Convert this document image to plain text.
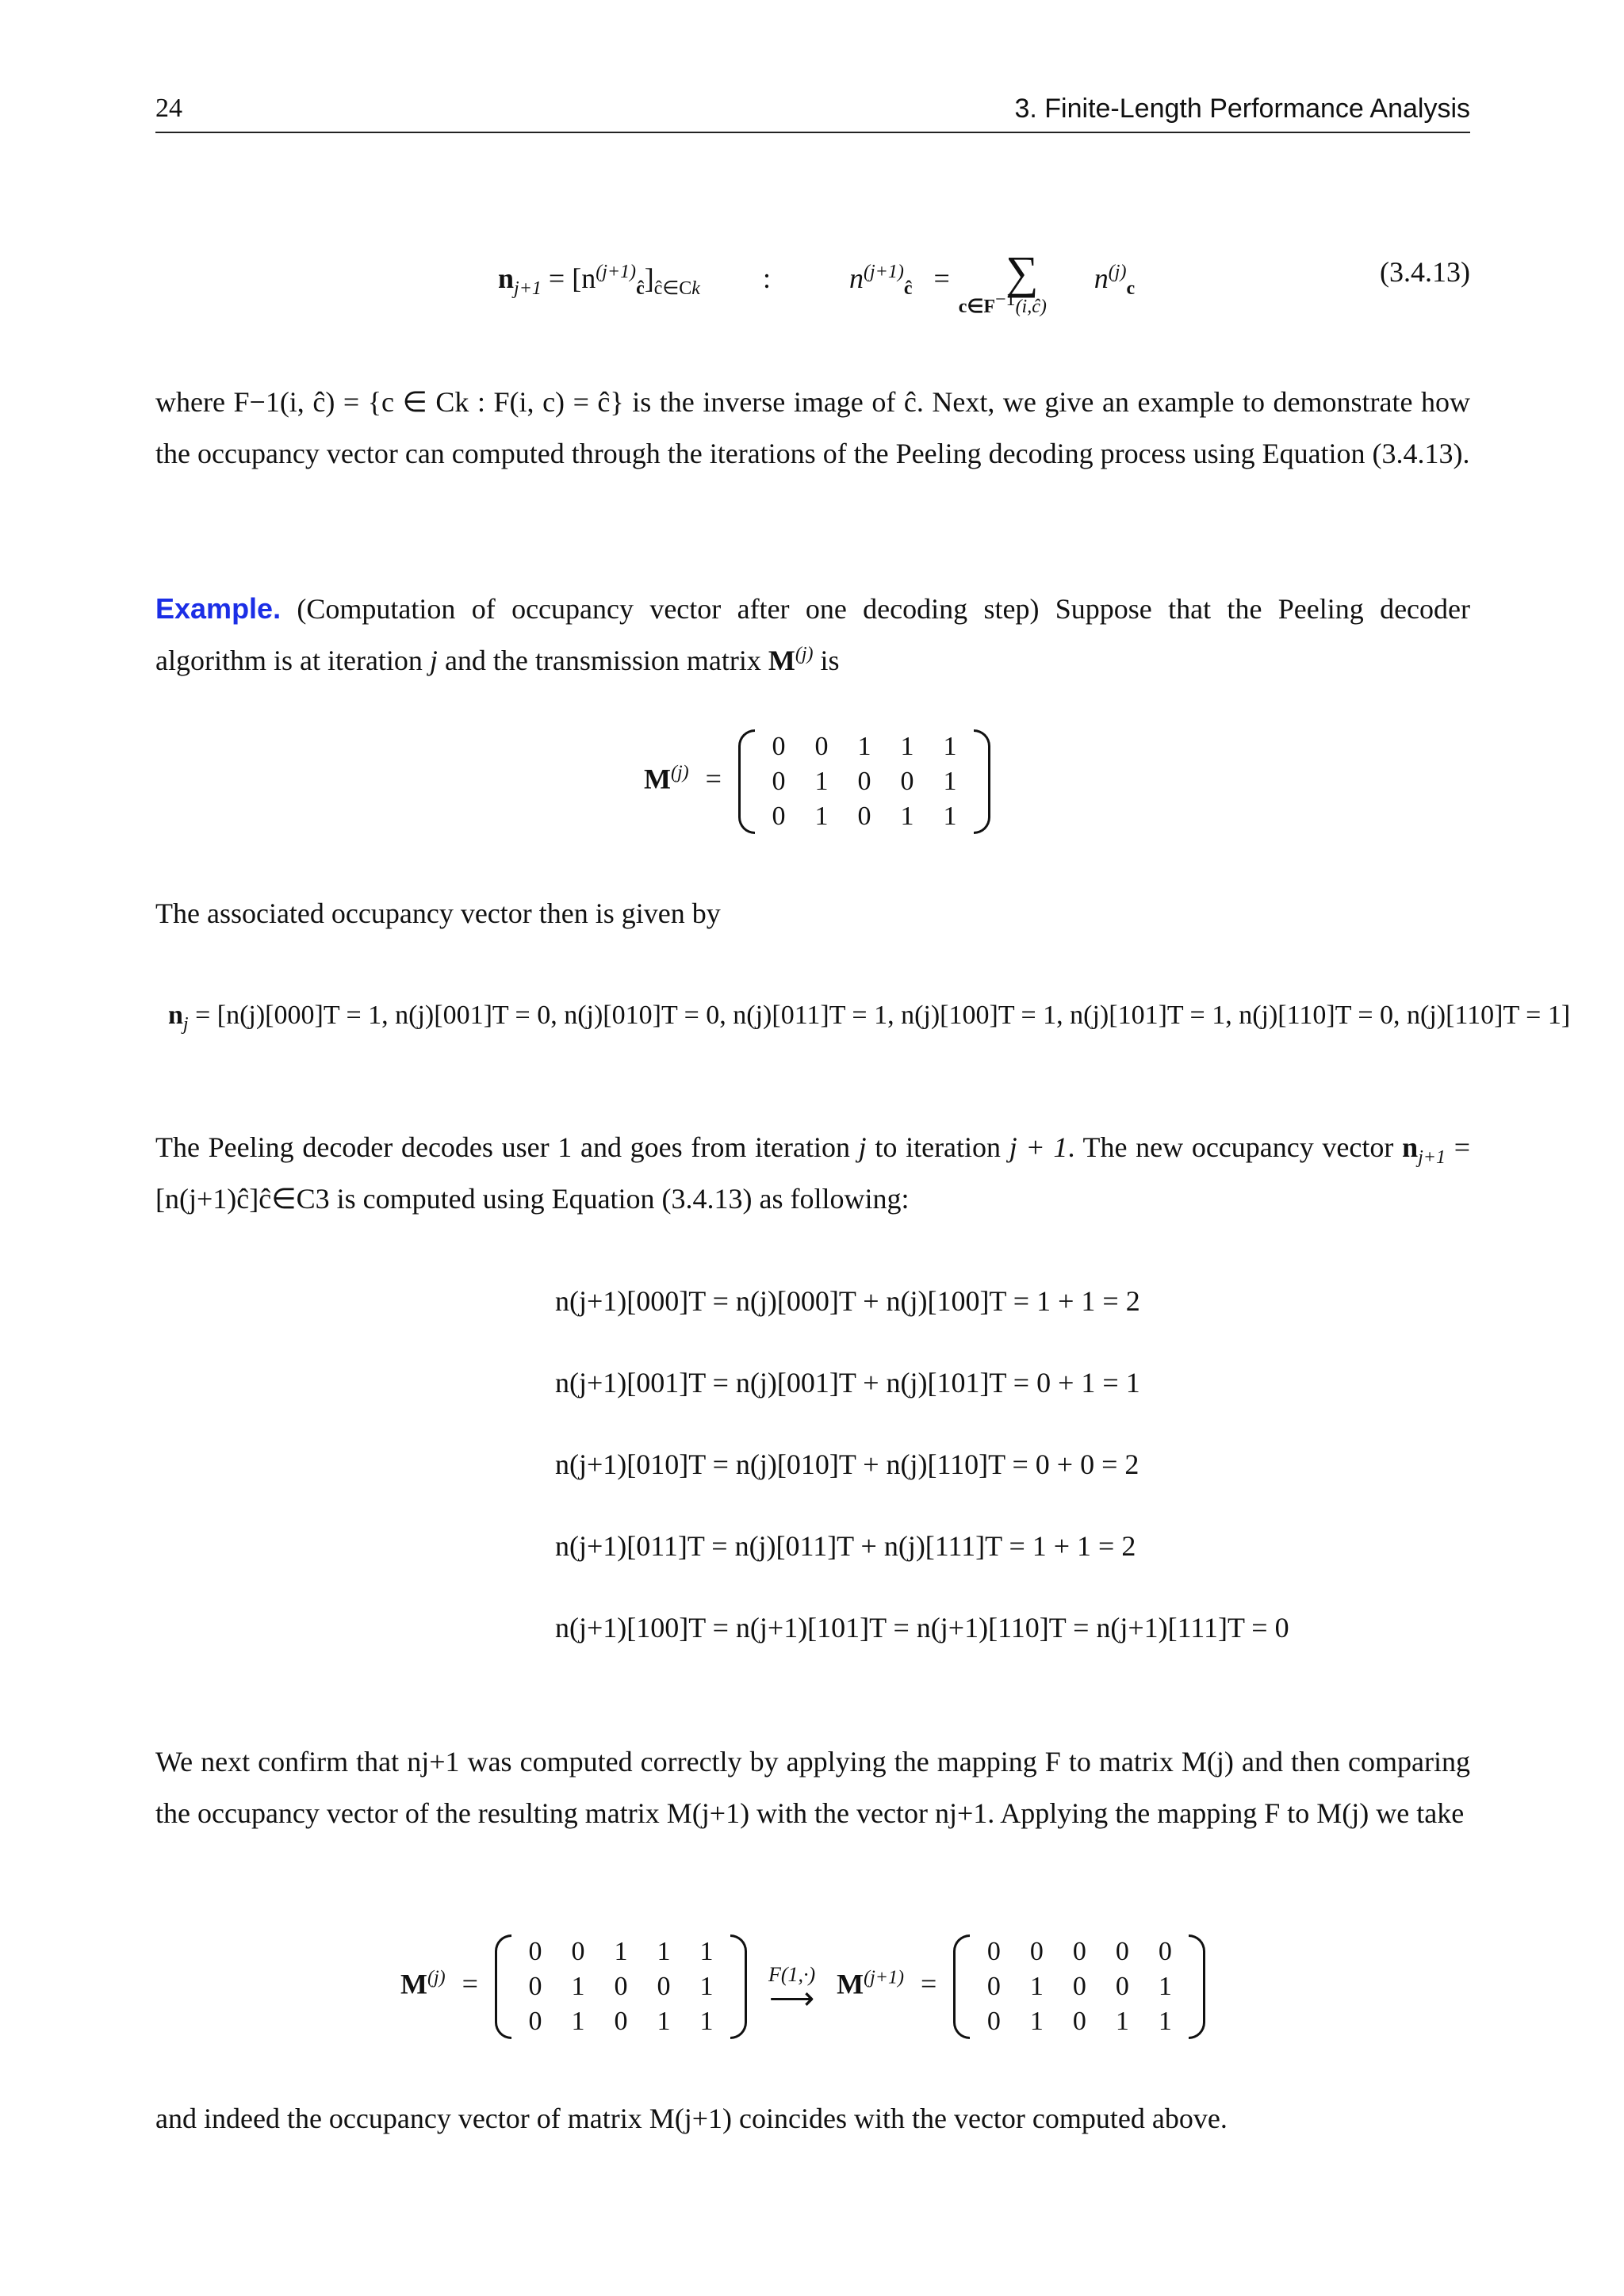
24	3. Finite-Length Performance Analysis
$n_{j+1} = [n^{(j+1)}_ĉ]_{ĉ\in Ck}$ :	$n^{(j+1)}_ĉ$ = ∑
$c\in F^{-1}(i,ĉ)$
$n^{(j)}_c$
(3.4.13)
where F−1(i, ĉ) = {c ∈ Ck : F(i, c) = ĉ} is the inverse image of ĉ. Next, we give an example to demonstrate how the occupancy vector can computed through the iterations of the Peeling decoding process using Equation (3.4.13).
Example. (Computation of occupancy vector after one decoding step) Suppose that the Peeling decoder algorithm is at iteration j and the transmission matrix $M^{(j)}$ is
$M^{(j)}$ =
0	0	1	1	1
0	1	0	0	1
0	1	0	1	1
The associated occupancy vector then is given by
$n_j = [n(j)[000]T = 1$, n(j)[001]T = 0, n(j)[010]T = 0, n(j)[011]T = 1, n(j)[100]T = 1, n(j)[101]T = 1, n(j)[110]T = 0, n(j)[110]T = 1]
The Peeling decoder decodes user 1 and goes from iteration j to iteration j + 1. The new occupancy vector $n_{j+1}$ = [n(j+1)ĉ]ĉ∈C3 is computed using Equation (3.4.13) as following:
n(j+1)[000]T = n(j)[000]T + n(j)[100]T = 1 + 1 = 2
n(j+1)[001]T = n(j)[001]T + n(j)[101]T = 0 + 1 = 1
n(j+1)[010]T = n(j)[010]T + n(j)[110]T = 0 + 0 = 2
n(j+1)[011]T = n(j)[011]T + n(j)[111]T = 1 + 1 = 2
n(j+1)[100]T = n(j+1)[101]T = n(j+1)[110]T = n(j+1)[111]T = 0
We next confirm that nj+1 was computed correctly by applying the mapping F to matrix M(j) and then comparing the occupancy vector of the resulting matrix M(j+1) with the vector nj+1. Applying the mapping F to M(j) we take
$M^{(j)}$ =
0	0	1	1	1
0	1	0	0	1
0	1	0	1	1
F(1,·)
⟶ $M^{(j+1)}$ =
0	0	0	0	0
0	1	0	0	1
0	1	0	1	1
and indeed the occupancy vector of matrix M(j+1) coincides with the vector computed above.
